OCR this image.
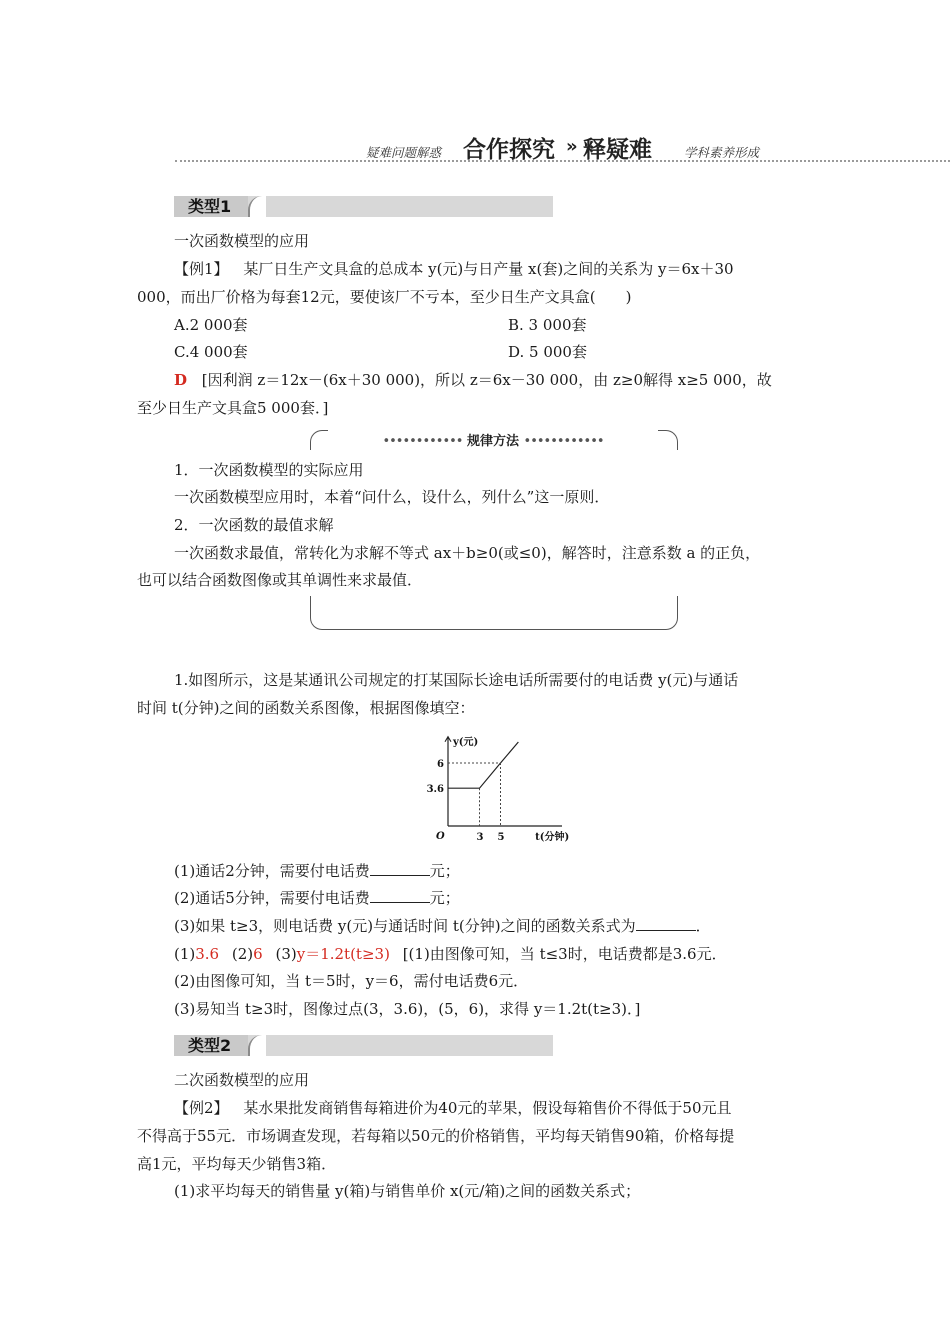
疑难问题解惑 合作探究 » 释疑难	学科素养形成
类型1
一次函数模型的应用
【例1】 某厂日生产文具盒的总成本 y(元)与日产量 x(套)之间的关系为 y＝6x＋30
000，而出厂价格为每套12元，要使该厂不亏本，至少日生产文具盒(　　)
A.2 000套	B. 3 000套
C.4 000套	D. 5 000套
D [因利润 z＝12x－(6x＋30 000)，所以 z＝6x－30 000，由 z≥0解得 x≥5 000，故
至少日生产文具盒5 000套．]
•••••••••••• 规律方法 ••••••••••••
1．一次函数模型的实际应用
一次函数模型应用时，本着“问什么，设什么，列什么”这一原则．
2．一次函数的最值求解
一次函数求最值，常转化为求解不等式 ax＋b≥0(或≤0)，解答时，注意系数 a 的正负，
也可以结合函数图像或其单调性来求最值．
1.如图所示，这是某通讯公司规定的打某国际长途电话所需要付的电话费 y(元)与通话
时间 t(分钟)之间的函数关系图像，根据图像填空：
y(元)
t(分钟)
O	3 5
3.6
6
(1)通话2分钟，需要付电话费	元；
(2)通话5分钟，需要付电话费	元；
(3)如果 t≥3，则电话费 y(元)与通话时间 t(分钟)之间的函数关系式为	．
(1)3.6 (2)6 (3)y＝1.2t(t≥3) [(1)由图像可知，当 t≤3时，电话费都是3.6元．
(2)由图像可知，当 t＝5时，y＝6，需付电话费6元．
(3)易知当 t≥3时，图像过点(3，3.6)，(5，6)，求得 y＝1.2t(t≥3)．]
类型2
二次函数模型的应用
【例2】 某水果批发商销售每箱进价为40元的苹果，假设每箱售价不得低于50元且
不得高于55元．市场调查发现，若每箱以50元的价格销售，平均每天销售90箱，价格每提
高1元，平均每天少销售3箱．
(1)求平均每天的销售量 y(箱)与销售单价 x(元/箱)之间的函数关系式；
